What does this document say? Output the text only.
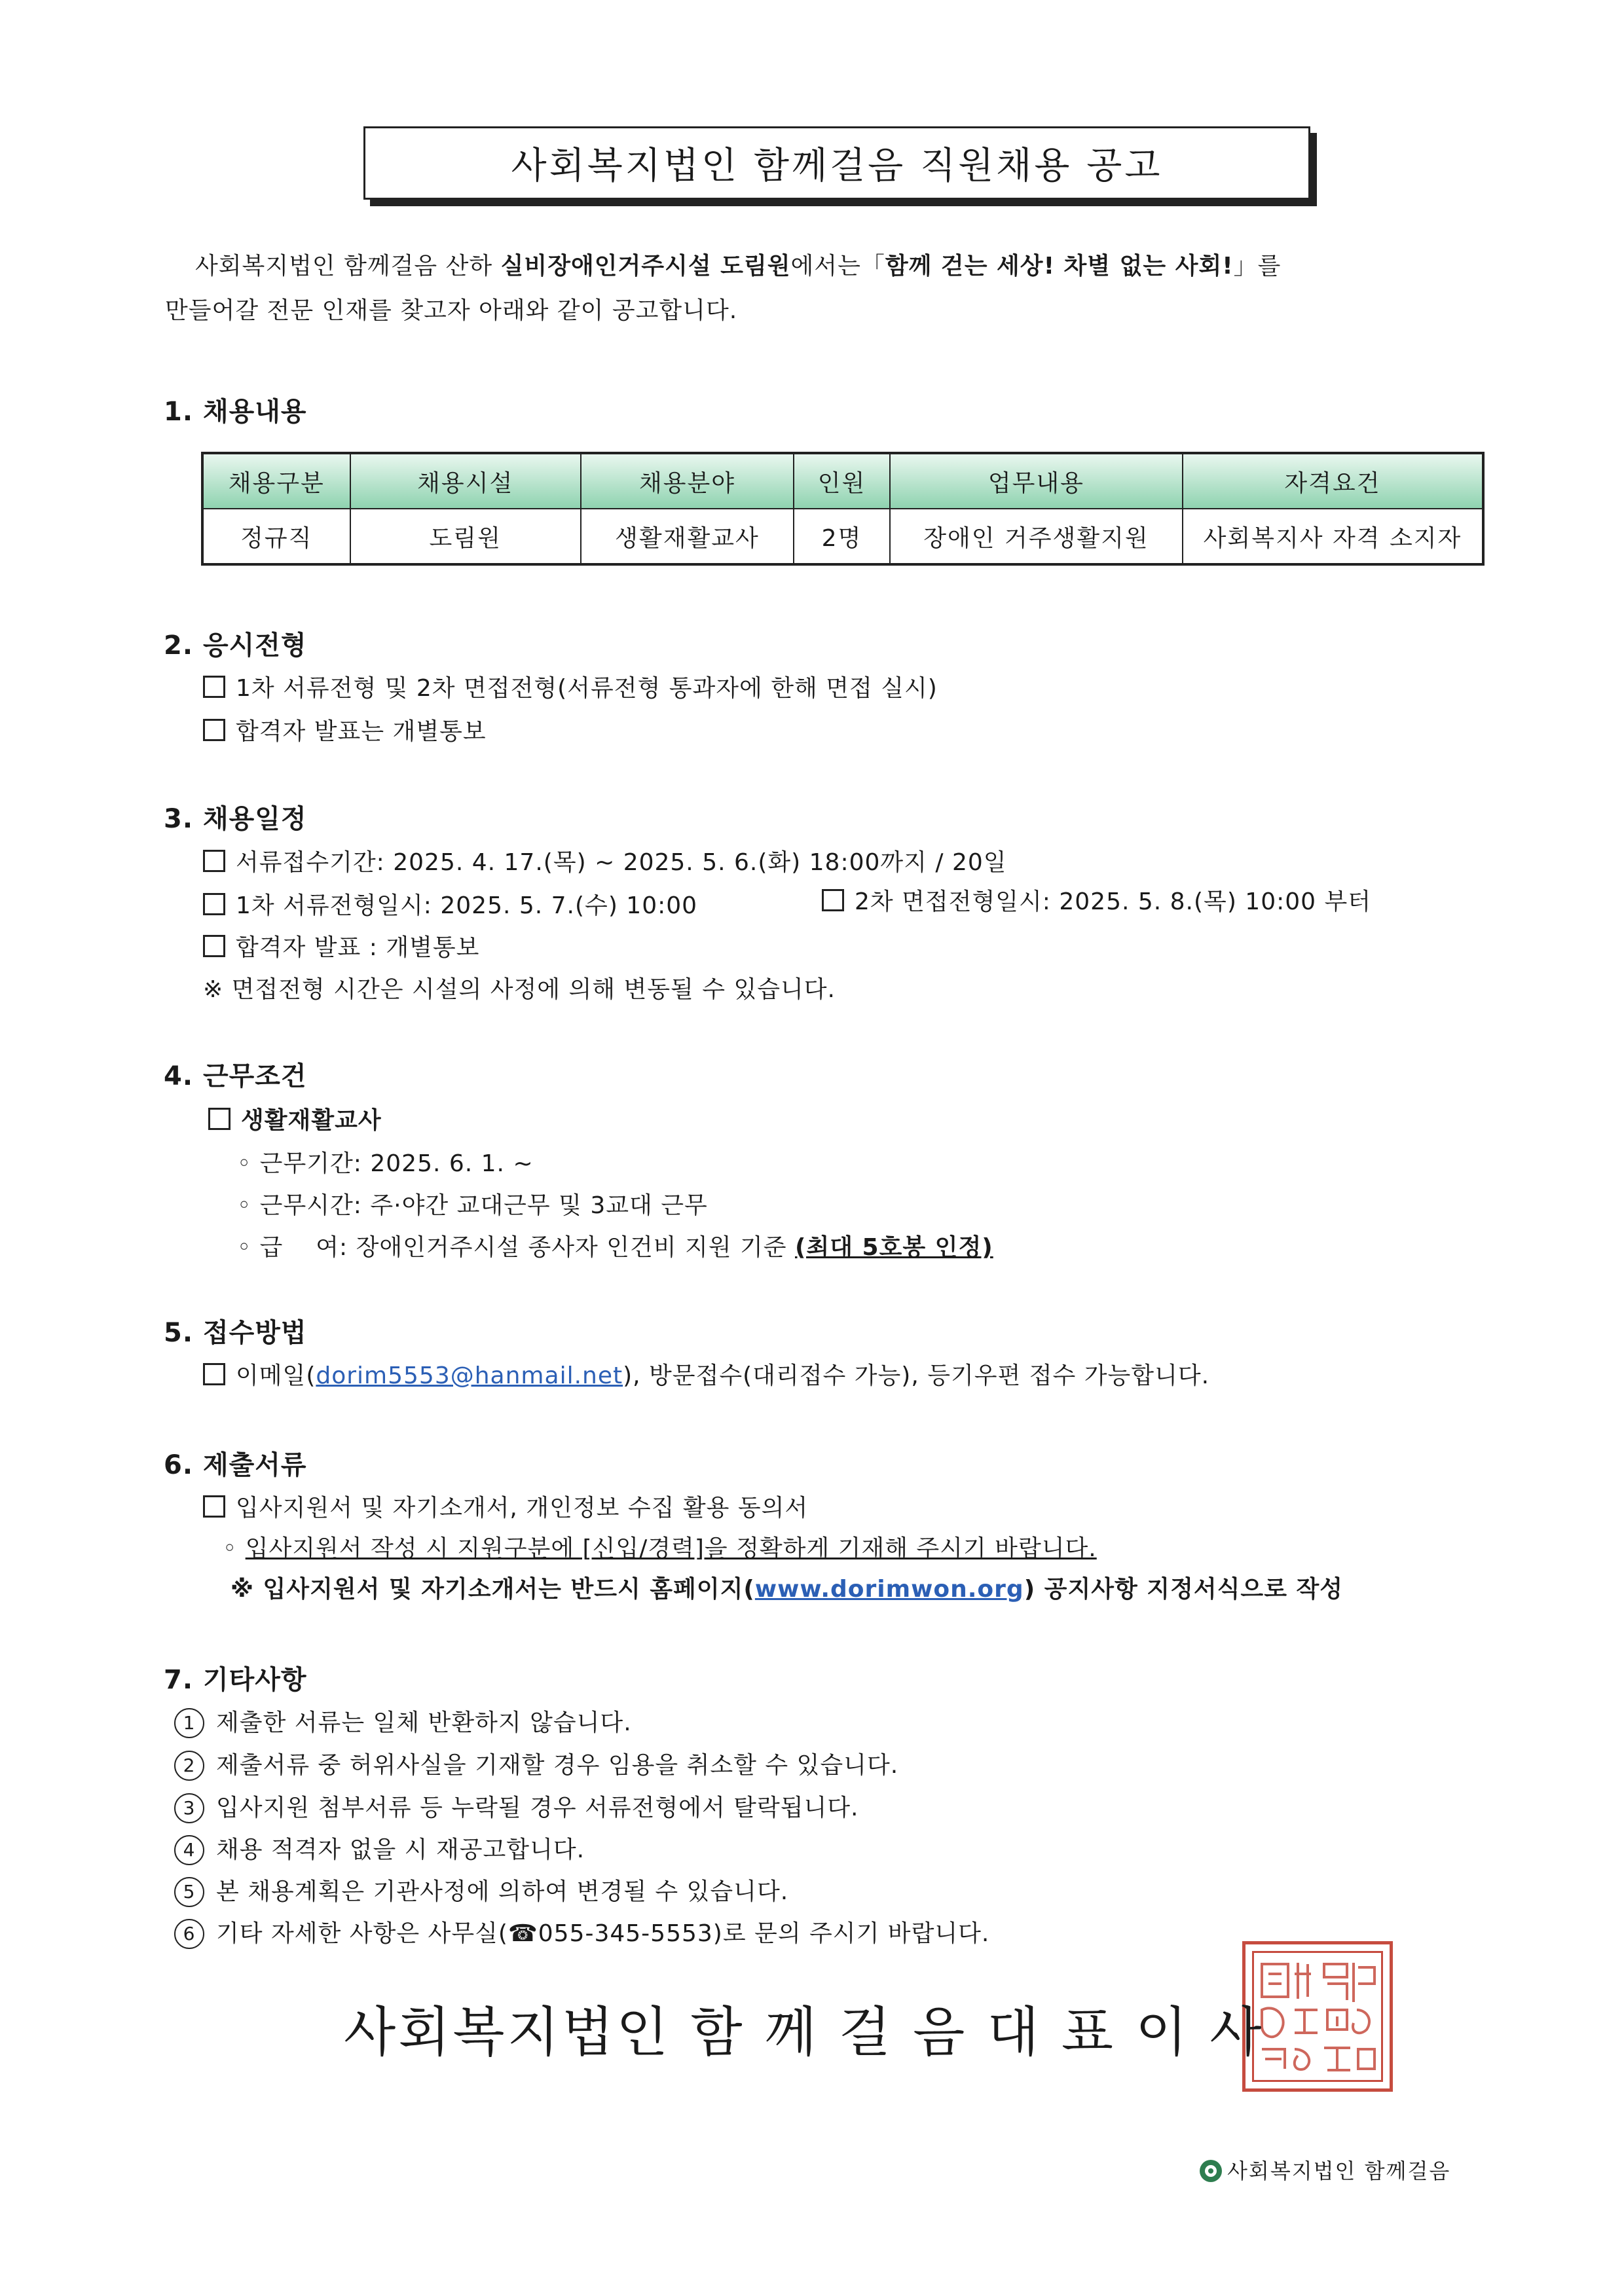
사회복지법인 함께걸음 직원채용 공고
사회복지법인 함께걸음 산하 실비장애인거주시설 도림원에서는「함께 걷는 세상! 차별 없는 사회!」를
만들어갈 전문 인재를 찾고자 아래와 같이 공고합니다.
1. 채용내용
채용구분	채용시설	채용분야	인원	업무내용	자격요건
정규직	도림원	생활재활교사	2명	장애인 거주생활지원	사회복지사 자격 소지자
2. 응시전형
1차 서류전형 및 2차 면접전형(서류전형 통과자에 한해 면접 실시)
합격자 발표는 개별통보
3. 채용일정
서류접수기간: 2025. 4. 17.(목) ~ 2025. 5. 6.(화) 18:00까지 / 20일
1차 서류전형일시: 2025. 5. 7.(수) 10:00	2차 면접전형일시: 2025. 5. 8.(목) 10:00 부터
합격자 발표 : 개별통보
※ 면접전형 시간은 시설의 사정에 의해 변동될 수 있습니다.
4. 근무조건
생활재활교사
◦ 근무기간: 2025. 6. 1. ~
◦ 근무시간: 주·야간 교대근무 및 3교대 근무
◦ 급    여: 장애인거주시설 종사자 인건비 지원 기준 (최대 5호봉 인정)
5. 접수방법
이메일(dorim5553@hanmail.net), 방문접수(대리접수 가능), 등기우편 접수 가능합니다.
6. 제출서류
입사지원서 및 자기소개서, 개인정보 수집 활용 동의서
◦ 입사지원서 작성 시 지원구분에 [신입/경력]을 정확하게 기재해 주시기 바랍니다.
※ 입사지원서 및 자기소개서는 반드시 홈페이지(www.dorimwon.org) 공지사항 지정서식으로 작성
7. 기타사항
1 제출한 서류는 일체 반환하지 않습니다.
2 제출서류 중 허위사실을 기재할 경우 임용을 취소할 수 있습니다.
3 입사지원 첨부서류 등 누락될 경우 서류전형에서 탈락됩니다.
4 채용 적격자 없을 시 재공고합니다.
5 본 채용계획은 기관사정에 의하여 변경될 수 있습니다.
6 기타 자세한 사항은 사무실(☎055-345-5553)로 문의 주시기 바랍니다.
사회복지법인 함 께 걸 음 대 표 이 사
사회복지법인 함께걸음
